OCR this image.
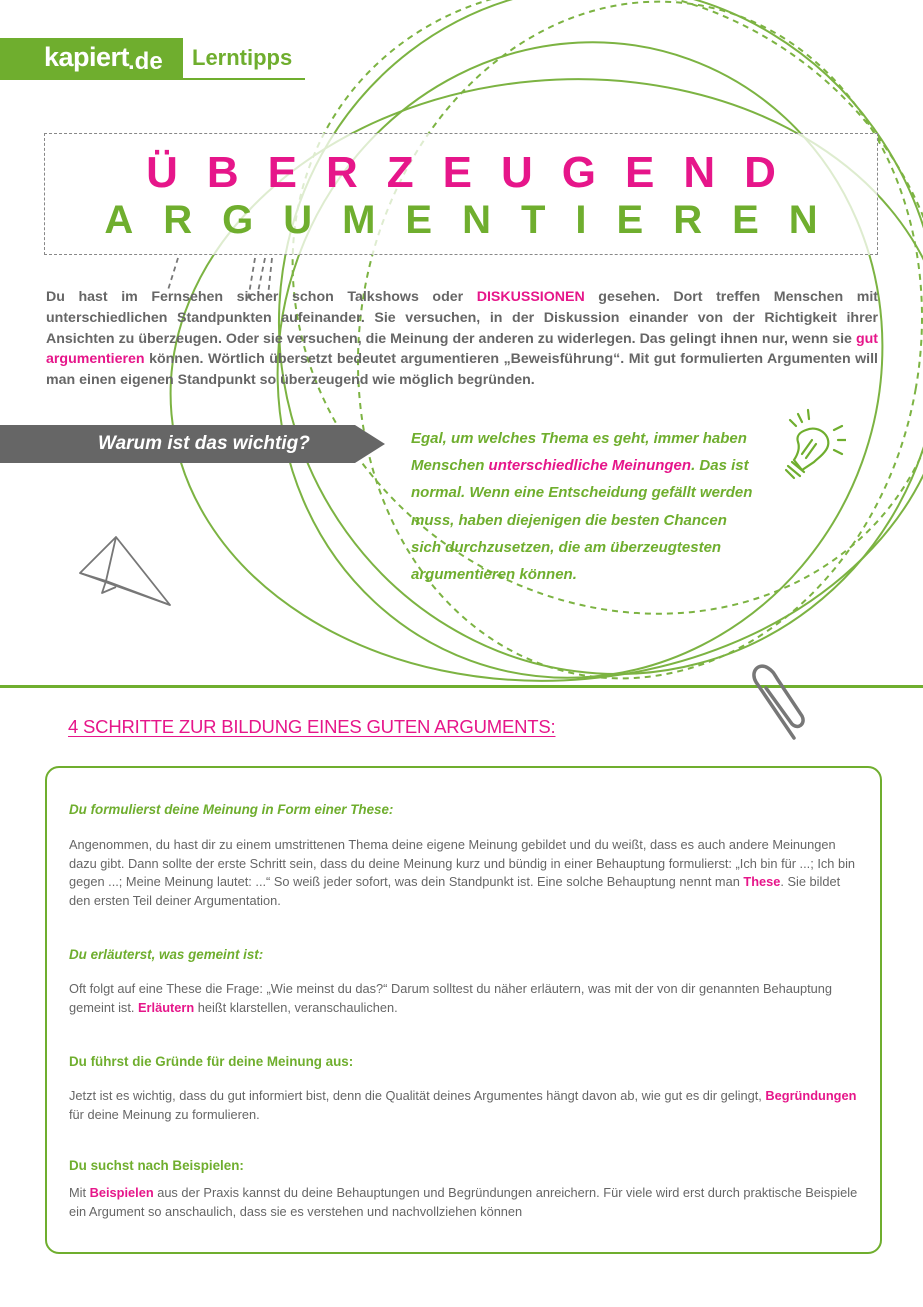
kapiert
.de Lerntipps
ÜBERZEUGEND
ARGUMENTIEREN

Du hast im Fernsehen sicher schon Talkshows oder DISKUSSIONEN gesehen. Dort treffen Menschen mit unterschiedlichen Standpunkten aufeinander. Sie versuchen, in der Diskussion einander von der Richtigkeit ihrer Ansichten zu überzeugen. Oder sie versuchen, die Meinung der anderen zu widerlegen. Das gelingt ihnen nur, wenn sie gut argumentieren können. Wörtlich übersetzt bedeutet argumentieren „Beweisführung“. Mit gut formulierten Argumenten will man einen eigenen Standpunkt so überzeugend wie möglich begründen.

Warum ist das wichtig?	Egal, um welches Thema es geht, immer haben Menschen unterschiedliche Meinungen. Das ist normal. Wenn eine Entscheidung gefällt werden muss, haben diejenigen die besten Chancen sich durchzusetzen, die am überzeugtesten argumentieren können.

4 SCHRITTE ZUR BILDUNG EINES GUTEN ARGUMENTS:
Du formulierst deine Meinung in Form einer These:
Angenommen, du hast dir zu einem umstrittenen Thema deine eigene Meinung gebildet und du weißt, dass es auch andere Meinungen dazu gibt. Dann sollte der erste Schritt sein, dass du deine Meinung kurz und bündig in einer Behauptung formulierst: „Ich bin für ...; Ich bin gegen ...; Meine Meinung lautet: ...“ So weiß jeder sofort, was dein Standpunkt ist. Eine solche Behauptung nennt man These. Sie bildet den ersten Teil deiner Argumentation.
Du erläuterst, was gemeint ist:
Oft folgt auf eine These die Frage: „Wie meinst du das?“ Darum solltest du näher erläutern, was mit der von dir genannten Behauptung gemeint ist. Erläutern heißt klarstellen, veranschaulichen.
Du führst die Gründe für deine Meinung aus:
Jetzt ist es wichtig, dass du gut informiert bist, denn die Qualität deines Argumentes hängt davon ab, wie gut es dir gelingt, Begründungen für deine Meinung zu formulieren.
Du suchst nach Beispielen:
Mit Beispielen aus der Praxis kannst du deine Behauptungen und Begründungen anreichern. Für viele wird erst durch praktische Beispiele ein Argument so anschaulich, dass sie es verstehen und nachvollziehen können
